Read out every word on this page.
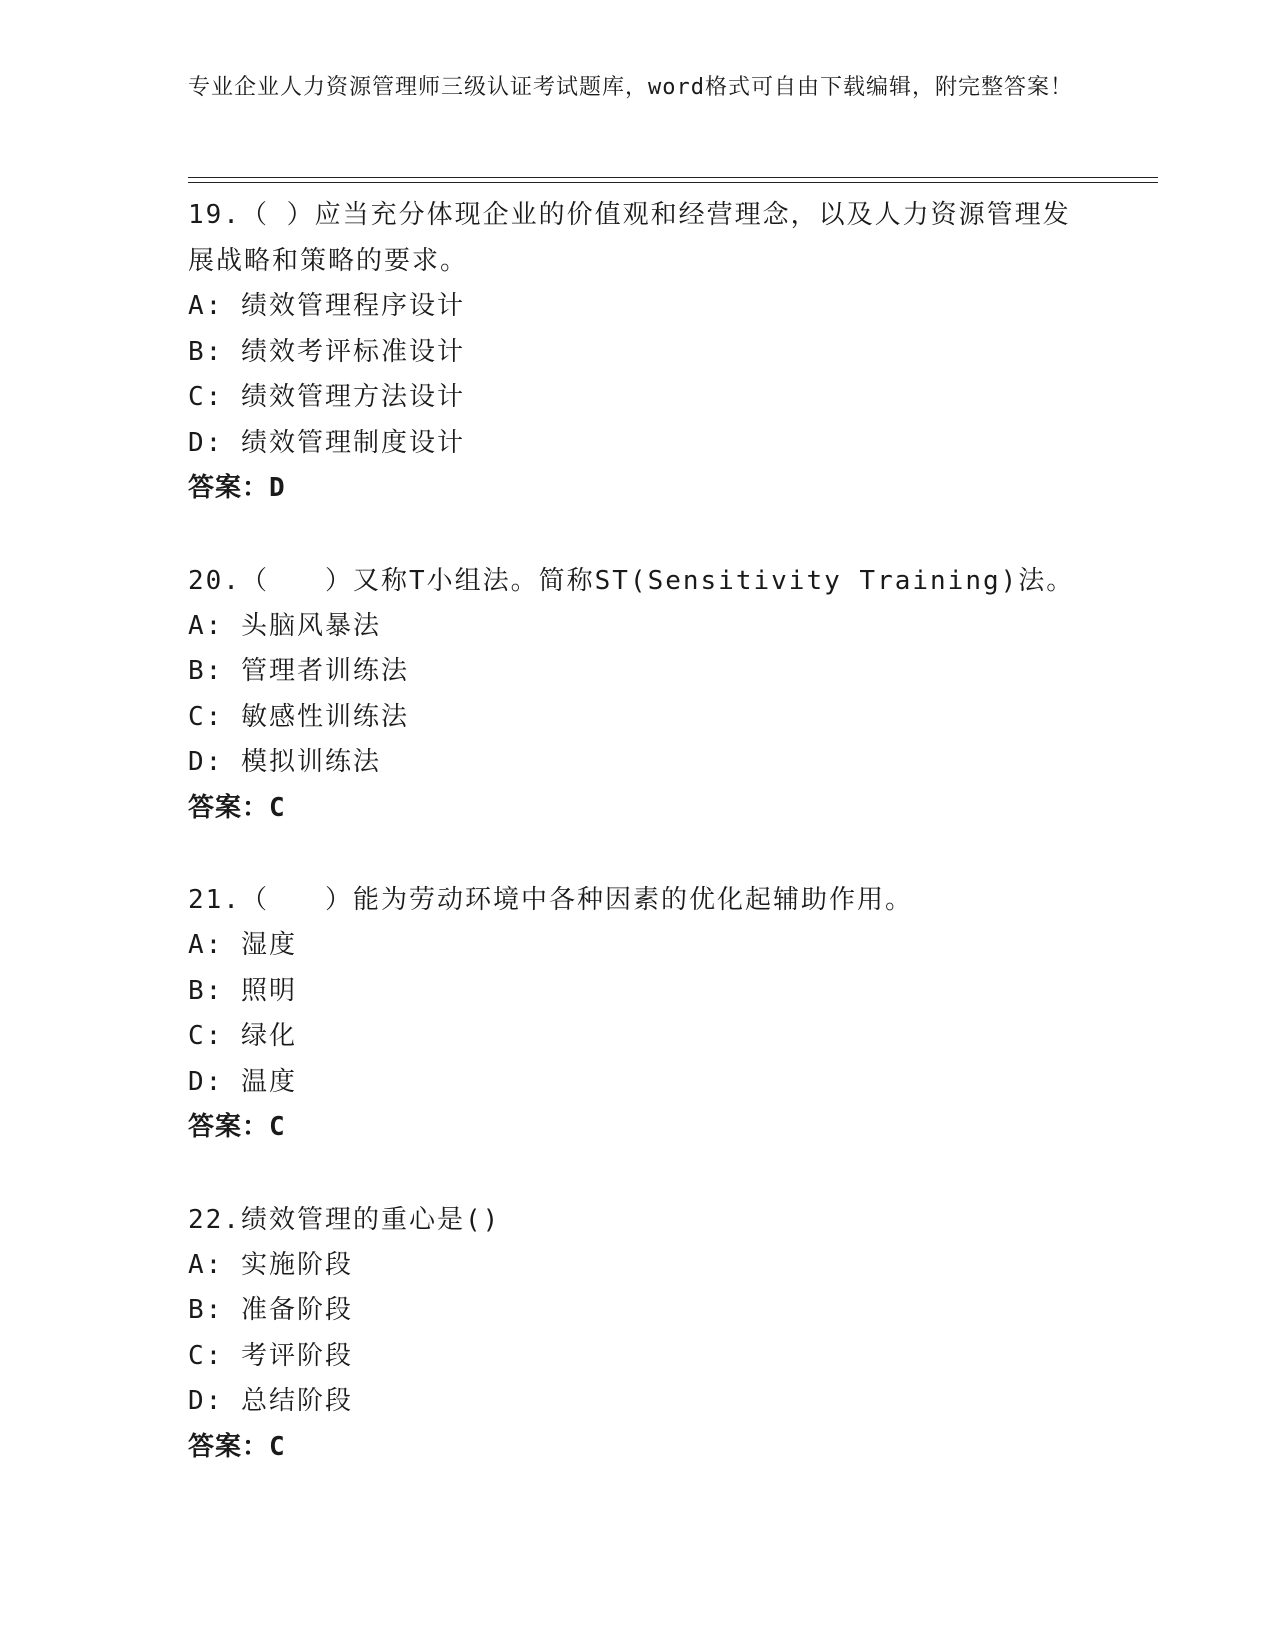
专业企业人力资源管理师三级认证考试题库，word格式可自由下载编辑，附完整答案！
19.（ ）应当充分体现企业的价值观和经营理念，以及人力资源管理发展战略和策略的要求。
A: 绩效管理程序设计
B: 绩效考评标准设计
C: 绩效管理方法设计
D: 绩效管理制度设计
答案：D
20.（　　）又称T小组法。简称ST(Sensitivity Training)法。
A: 头脑风暴法
B: 管理者训练法
C: 敏感性训练法
D: 模拟训练法
答案：C
21.（　　）能为劳动环境中各种因素的优化起辅助作用。
A: 湿度
B: 照明
C: 绿化
D: 温度
答案：C
22.绩效管理的重心是()
A: 实施阶段
B: 准备阶段
C: 考评阶段
D: 总结阶段
答案：C
